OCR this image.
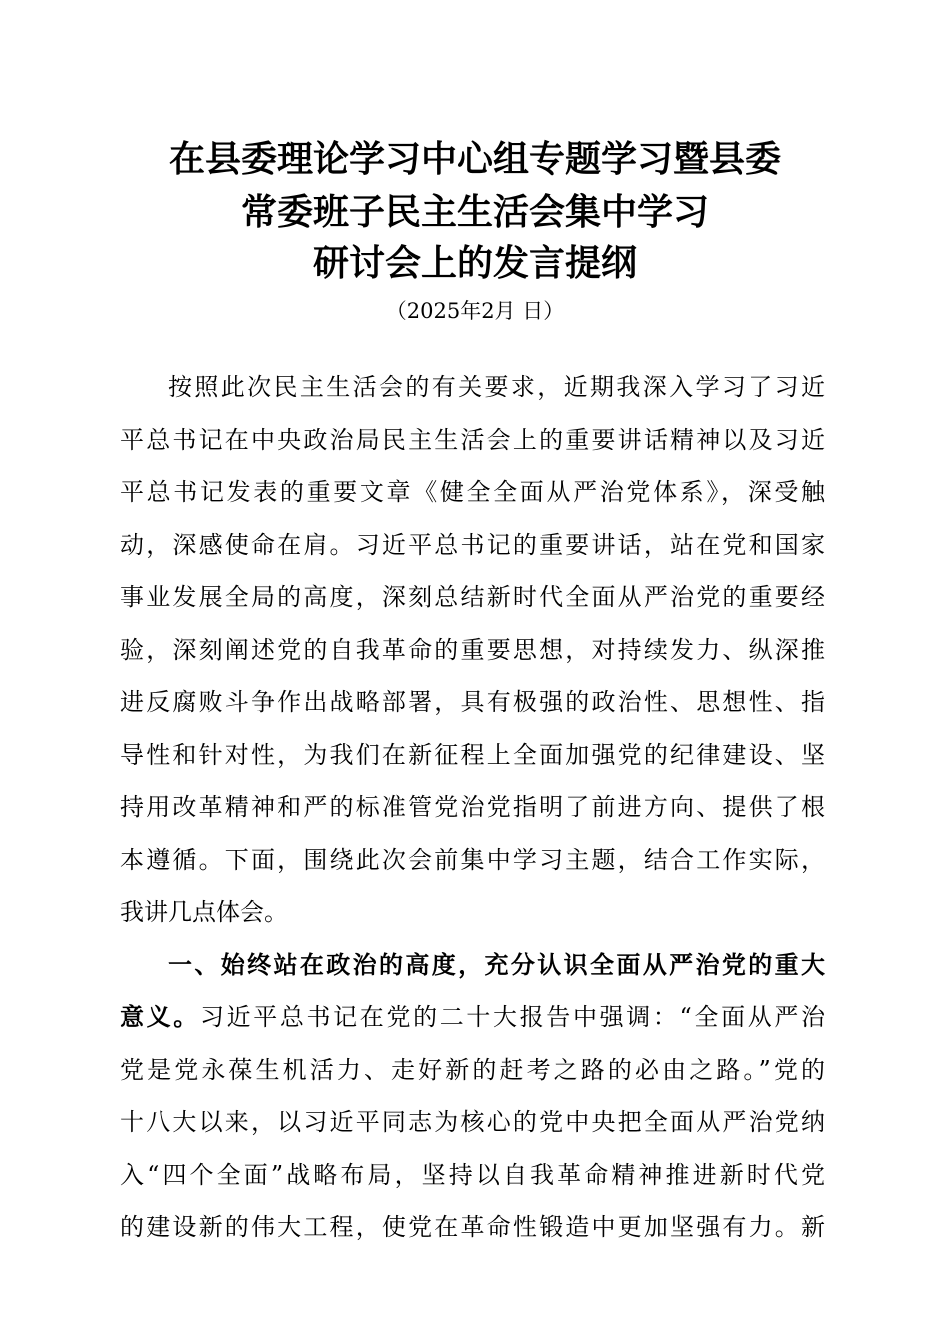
在县委理论学习中心组专题学习暨县委
常委班子民主生活会集中学习
研讨会上的发言提纲
（2025年2月 日）
按照此次民主生活会的有关要求，近期我深入学习了习近
平总书记在中央政治局民主生活会上的重要讲话精神以及习近
平总书记发表的重要文章《健全全面从严治党体系》，深受触
动，深感使命在肩。习近平总书记的重要讲话，站在党和国家
事业发展全局的高度，深刻总结新时代全面从严治党的重要经
验，深刻阐述党的自我革命的重要思想，对持续发力、纵深推
进反腐败斗争作出战略部署，具有极强的政治性、思想性、指
导性和针对性，为我们在新征程上全面加强党的纪律建设、坚
持用改革精神和严的标准管党治党指明了前进方向、提供了根
本遵循。下面，围绕此次会前集中学习主题，结合工作实际，
我讲几点体会。
一、始终站在政治的高度，充分认识全面从严治党的重大
意义。习近平总书记在党的二十大报告中强调：“全面从严治
党是党永葆生机活力、走好新的赶考之路的必由之路。”党的
十八大以来，以习近平同志为核心的党中央把全面从严治党纳
入“四个全面”战略布局，坚持以自我革命精神推进新时代党
的建设新的伟大工程，使党在革命性锻造中更加坚强有力。新
